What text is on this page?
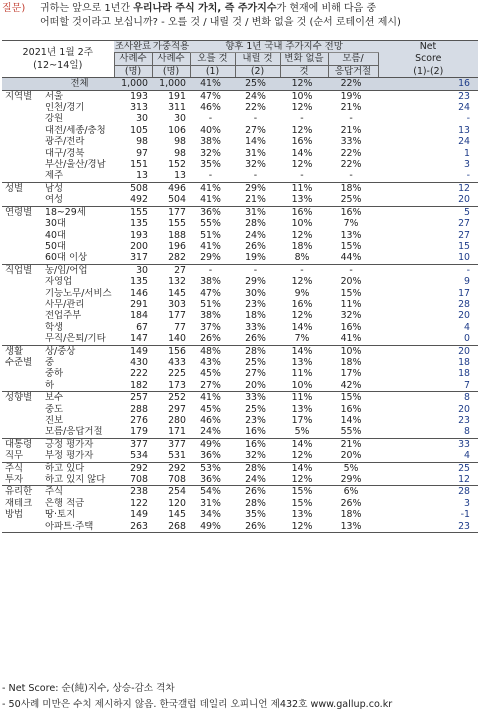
질문) 귀하는 앞으로 1년간 우리나라 주식 가치, 즉 주가지수가 현재에 비해 다음 중
어떠할 것이라고 보십니까? - 오를 것 / 내릴 것 / 변화 없을 것 (순서 로테이션 제시)
2021년 1월 2주
(12~14일)		조사완료	가중적용	향후 1년 국내 주가지수 전망				Net
		사례수	사례수	오를 것	내릴 것	변화 없을	모름/	Score
		(명)	(명)	(1)	(2)	것	응답거절	(1)-(2)
	전체	1,000	1,000	41%	25%	12%	22%	16
지역별	서울	193	191	47%	24%	10%	19%	23
	인천/경기	313	311	46%	22%	12%	21%	24
	강원	30	30	-	-	-	-	-
	대전/세종/충청	105	106	40%	27%	12%	21%	13
	광주/전라	98	98	38%	14%	16%	33%	24
	대구/경북	97	98	32%	31%	14%	22%	1
	부산/울산/경남	151	152	35%	32%	12%	22%	3
	제주	13	13	-	-	-	-	-
성별	남성	508	496	41%	29%	11%	18%	12
	여성	492	504	41%	21%	13%	25%	20
연령별	18~29세	155	177	36%	31%	16%	16%	5
	30대	135	155	55%	28%	10%	7%	27
	40대	193	188	51%	24%	12%	13%	27
	50대	200	196	41%	26%	18%	15%	15
	60대 이상	317	282	29%	19%	8%	44%	10
직업별	농/임/어업	30	27	-	-	-	-	-
	자영업	135	132	38%	29%	12%	20%	9
	기능노무/서비스	146	145	47%	30%	9%	15%	17
	사무/관리	291	303	51%	23%	16%	11%	28
	전업주부	184	177	38%	18%	12%	32%	20
	학생	67	77	37%	33%	14%	16%	4
	무직/은퇴/기타	147	140	26%	26%	7%	41%	0
생활	상/중상	149	156	48%	28%	14%	10%	20
수준별	중	430	433	43%	25%	13%	18%	18
	중하	222	225	45%	27%	11%	17%	18
	하	182	173	27%	20%	10%	42%	7
성향별	보수	257	252	41%	33%	11%	15%	8
	중도	288	297	45%	25%	13%	16%	20
	진보	276	280	46%	23%	17%	14%	23
	모름/응답거절	179	171	24%	16%	5%	55%	8
대통령	긍정 평가자	377	377	49%	16%	14%	21%	33
직무	부정 평가자	534	531	36%	32%	12%	20%	4
주식	하고 있다	292	292	53%	28%	14%	5%	25
투자	하고 있지 않다	708	708	36%	24%	12%	29%	12
유리한	주식	238	254	54%	26%	15%	6%	28
재테크	은행 적금	122	120	31%	28%	15%	26%	3
방법	땅·토지	149	145	34%	35%	13%	18%	-1
	아파트·주택	263	268	49%	26%	12%	13%	23
- Net Score: 순(純)지수, 상승-감소 격차
- 50사례 미만은 수치 제시하지 않음. 한국갤럽 데일리 오피니언 제432호 www.gallup.co.kr
